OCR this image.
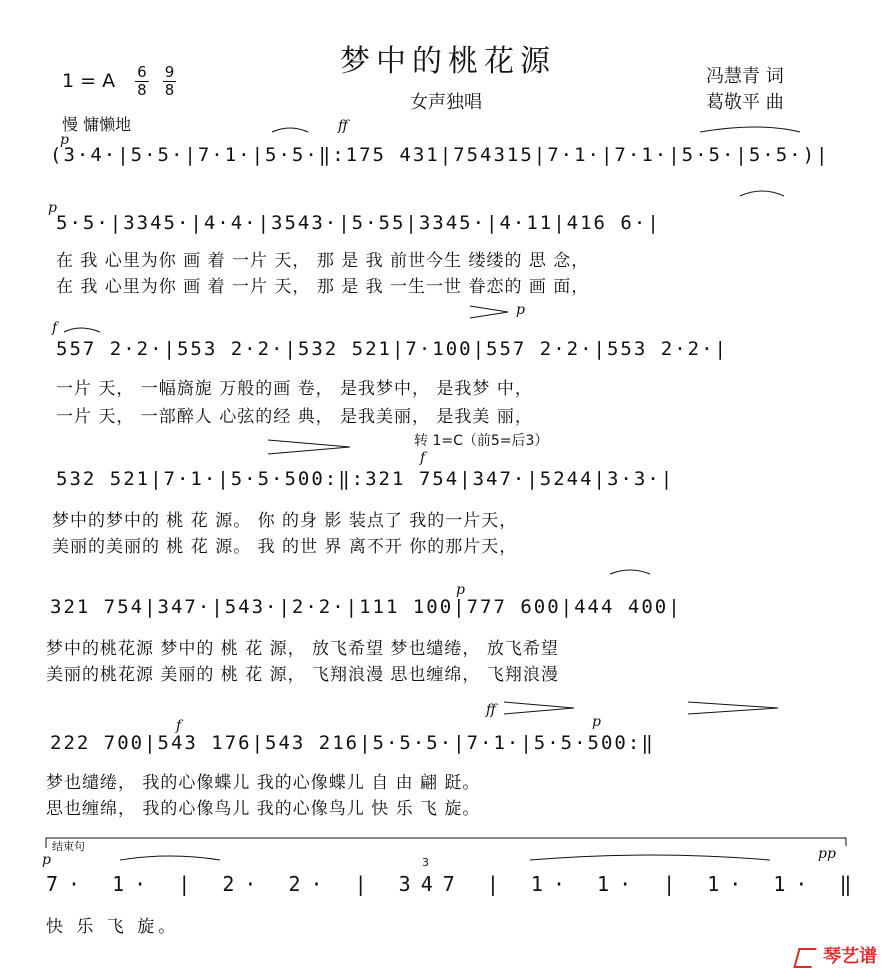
梦中的桃花源
女声独唱
冯慧青 词
葛敬平 曲
1 = A $\frac{6}{8}$
$\frac{9}{8}$
慢 慵懒地
p
ff
(3·4·|5·5·|7·1·|5·5·‖:175 431|754315|7·1·|7·1·|5·5·|5·5·)|
p
5·5·|3345·|4·4·|3543·|5·55|3345·|4·11|416 6·|
在 我 心里为你 画 着 一片 天， 那 是 我 前世今生 缕缕的 思 念，
在 我 心里为你 画 着 一片 天， 那 是 我 一生一世 眷恋的 画 面，
f
p
557 2·2·|553 2·2·|532 521|7·100|557 2·2·|553 2·2·|
一片 天， 一幅旖旎 万般的画 卷， 是我梦中， 是我梦 中，
一片 天， 一部醉人 心弦的经 典， 是我美丽， 是我美 丽，
转 1=C（前5=后3）
f
532 521|7·1·|5·5·500:‖:321 754|347·|5244|3·3·|
梦中的梦中的 桃 花 源。 你 的身 影 装点了 我的一片天，
美丽的美丽的 桃 花 源。 我 的世 界 离不开 你的那片天，
p
321 754|347·|543·|2·2·|111 100|777 600|444 400|
梦中的桃花源 梦中的 桃 花 源， 放飞希望 梦也缱绻， 放飞希望
美丽的桃花源 美丽的 桃 花 源， 飞翔浪漫 思也缠绵， 飞翔浪漫
f
ff
p
222 700|543 176|543 216|5·5·5·|7·1·|5·5·500:‖
梦也缱绻， 我的心像蝶儿 我的心像蝶儿 自 由 翩 跹。
思也缠绵， 我的心像鸟儿 我的心像鸟儿 快 乐 飞 旋。
结束句
p	pp
3
7· 1· | 2· 2· | 347 | 1· 1· | 1· 1· ‖
快 乐 飞 旋。
琴艺谱
